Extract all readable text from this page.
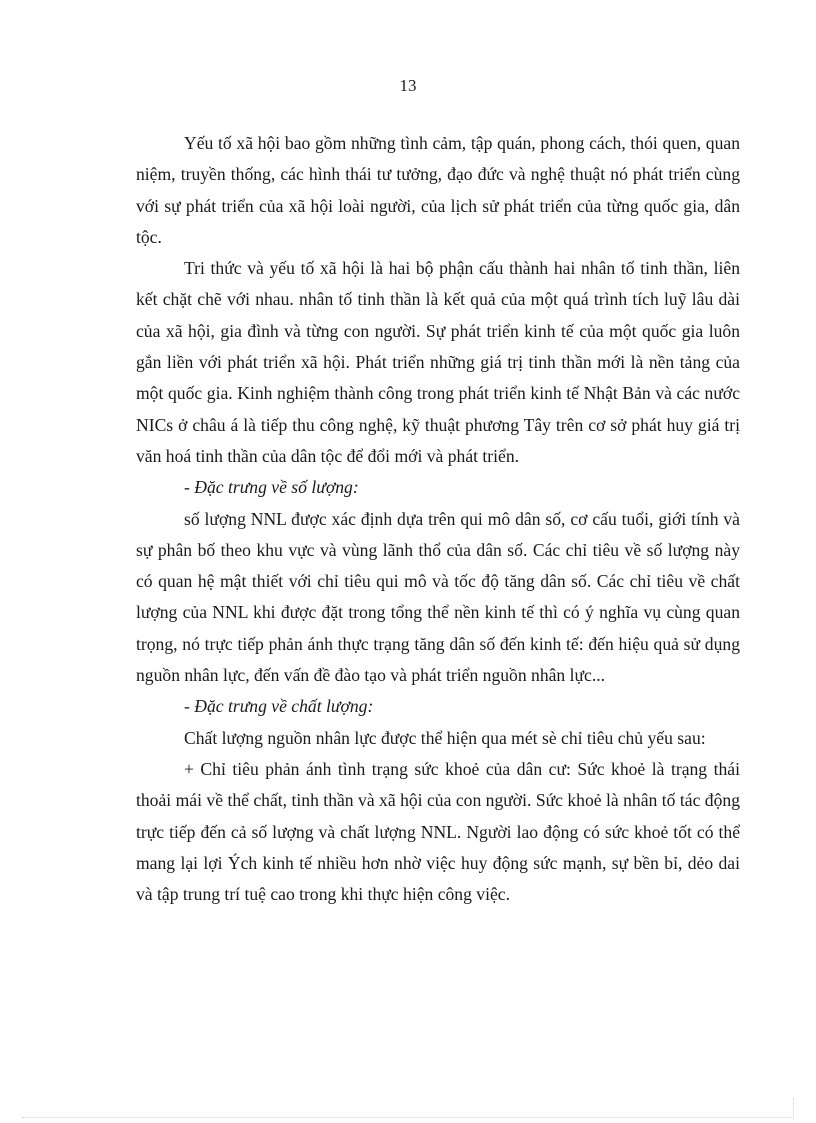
13

Yếu tố xã hội bao gồm những tình cảm, tập quán, phong cách, thói quen, quan niệm, truyền thống, các hình thái tư tưởng, đạo đức và nghệ thuật nó phát triển cùng với sự phát triển của xã hội loài người, của lịch sử phát triển của từng quốc gia, dân tộc.

Tri thức và yếu tố xã hội là hai bộ phận cấu thành hai nhân tố tinh thần, liên kết chặt chẽ với nhau. nhân tố tinh thần là kết quả của một quá trình tích luỹ lâu dài của xã hội, gia đình và từng con người. Sự phát triển kinh tế của một quốc gia luôn gắn liền với phát triển xã hội. Phát triển những giá trị tinh thần mới là nền tảng của một quốc gia. Kinh nghiệm thành công trong phát triển kinh tế Nhật Bản và các nước NICs ở châu á là tiếp thu công nghệ, kỹ thuật phương Tây trên cơ sở phát huy giá trị văn hoá tinh thần của dân tộc để đổi mới và phát triển.

- Đặc trưng về số lượng:

số lượng NNL được xác định dựa trên qui mô dân số, cơ cấu tuổi, giới tính và sự phân bố theo khu vực và vùng lãnh thổ của dân số. Các chỉ tiêu về số lượng này có quan hệ mật thiết với chỉ tiêu qui mô và tốc độ tăng dân số. Các chỉ tiêu về chất lượng của NNL khi được đặt trong tổng thể nền kinh tế thì có ý nghĩa vụ cùng quan trọng, nó trực tiếp phản ánh thực trạng tăng dân số đến kinh tế: đến hiệu quả sử dụng nguồn nhân lực, đến vấn đề đào tạo và phát triển nguồn nhân lực...

- Đặc trưng về chất lượng:

Chất lượng nguồn nhân lực được thể hiện qua mét sè chỉ tiêu chủ yếu sau:

+ Chỉ tiêu phản ánh tình trạng sức khoẻ của dân cư: Sức khoẻ là trạng thái thoải mái về thể chất, tinh thần và xã hội của con người. Sức khoẻ là nhân tố tác động trực tiếp đến cả số lượng và chất lượng NNL. Người lao động có sức khoẻ tốt có thể mang lại lợi Ých kinh tế nhiều hơn nhờ việc huy động sức mạnh, sự bền bỉ, dẻo dai và tập trung trí tuệ cao trong khi thực hiện công việc.
